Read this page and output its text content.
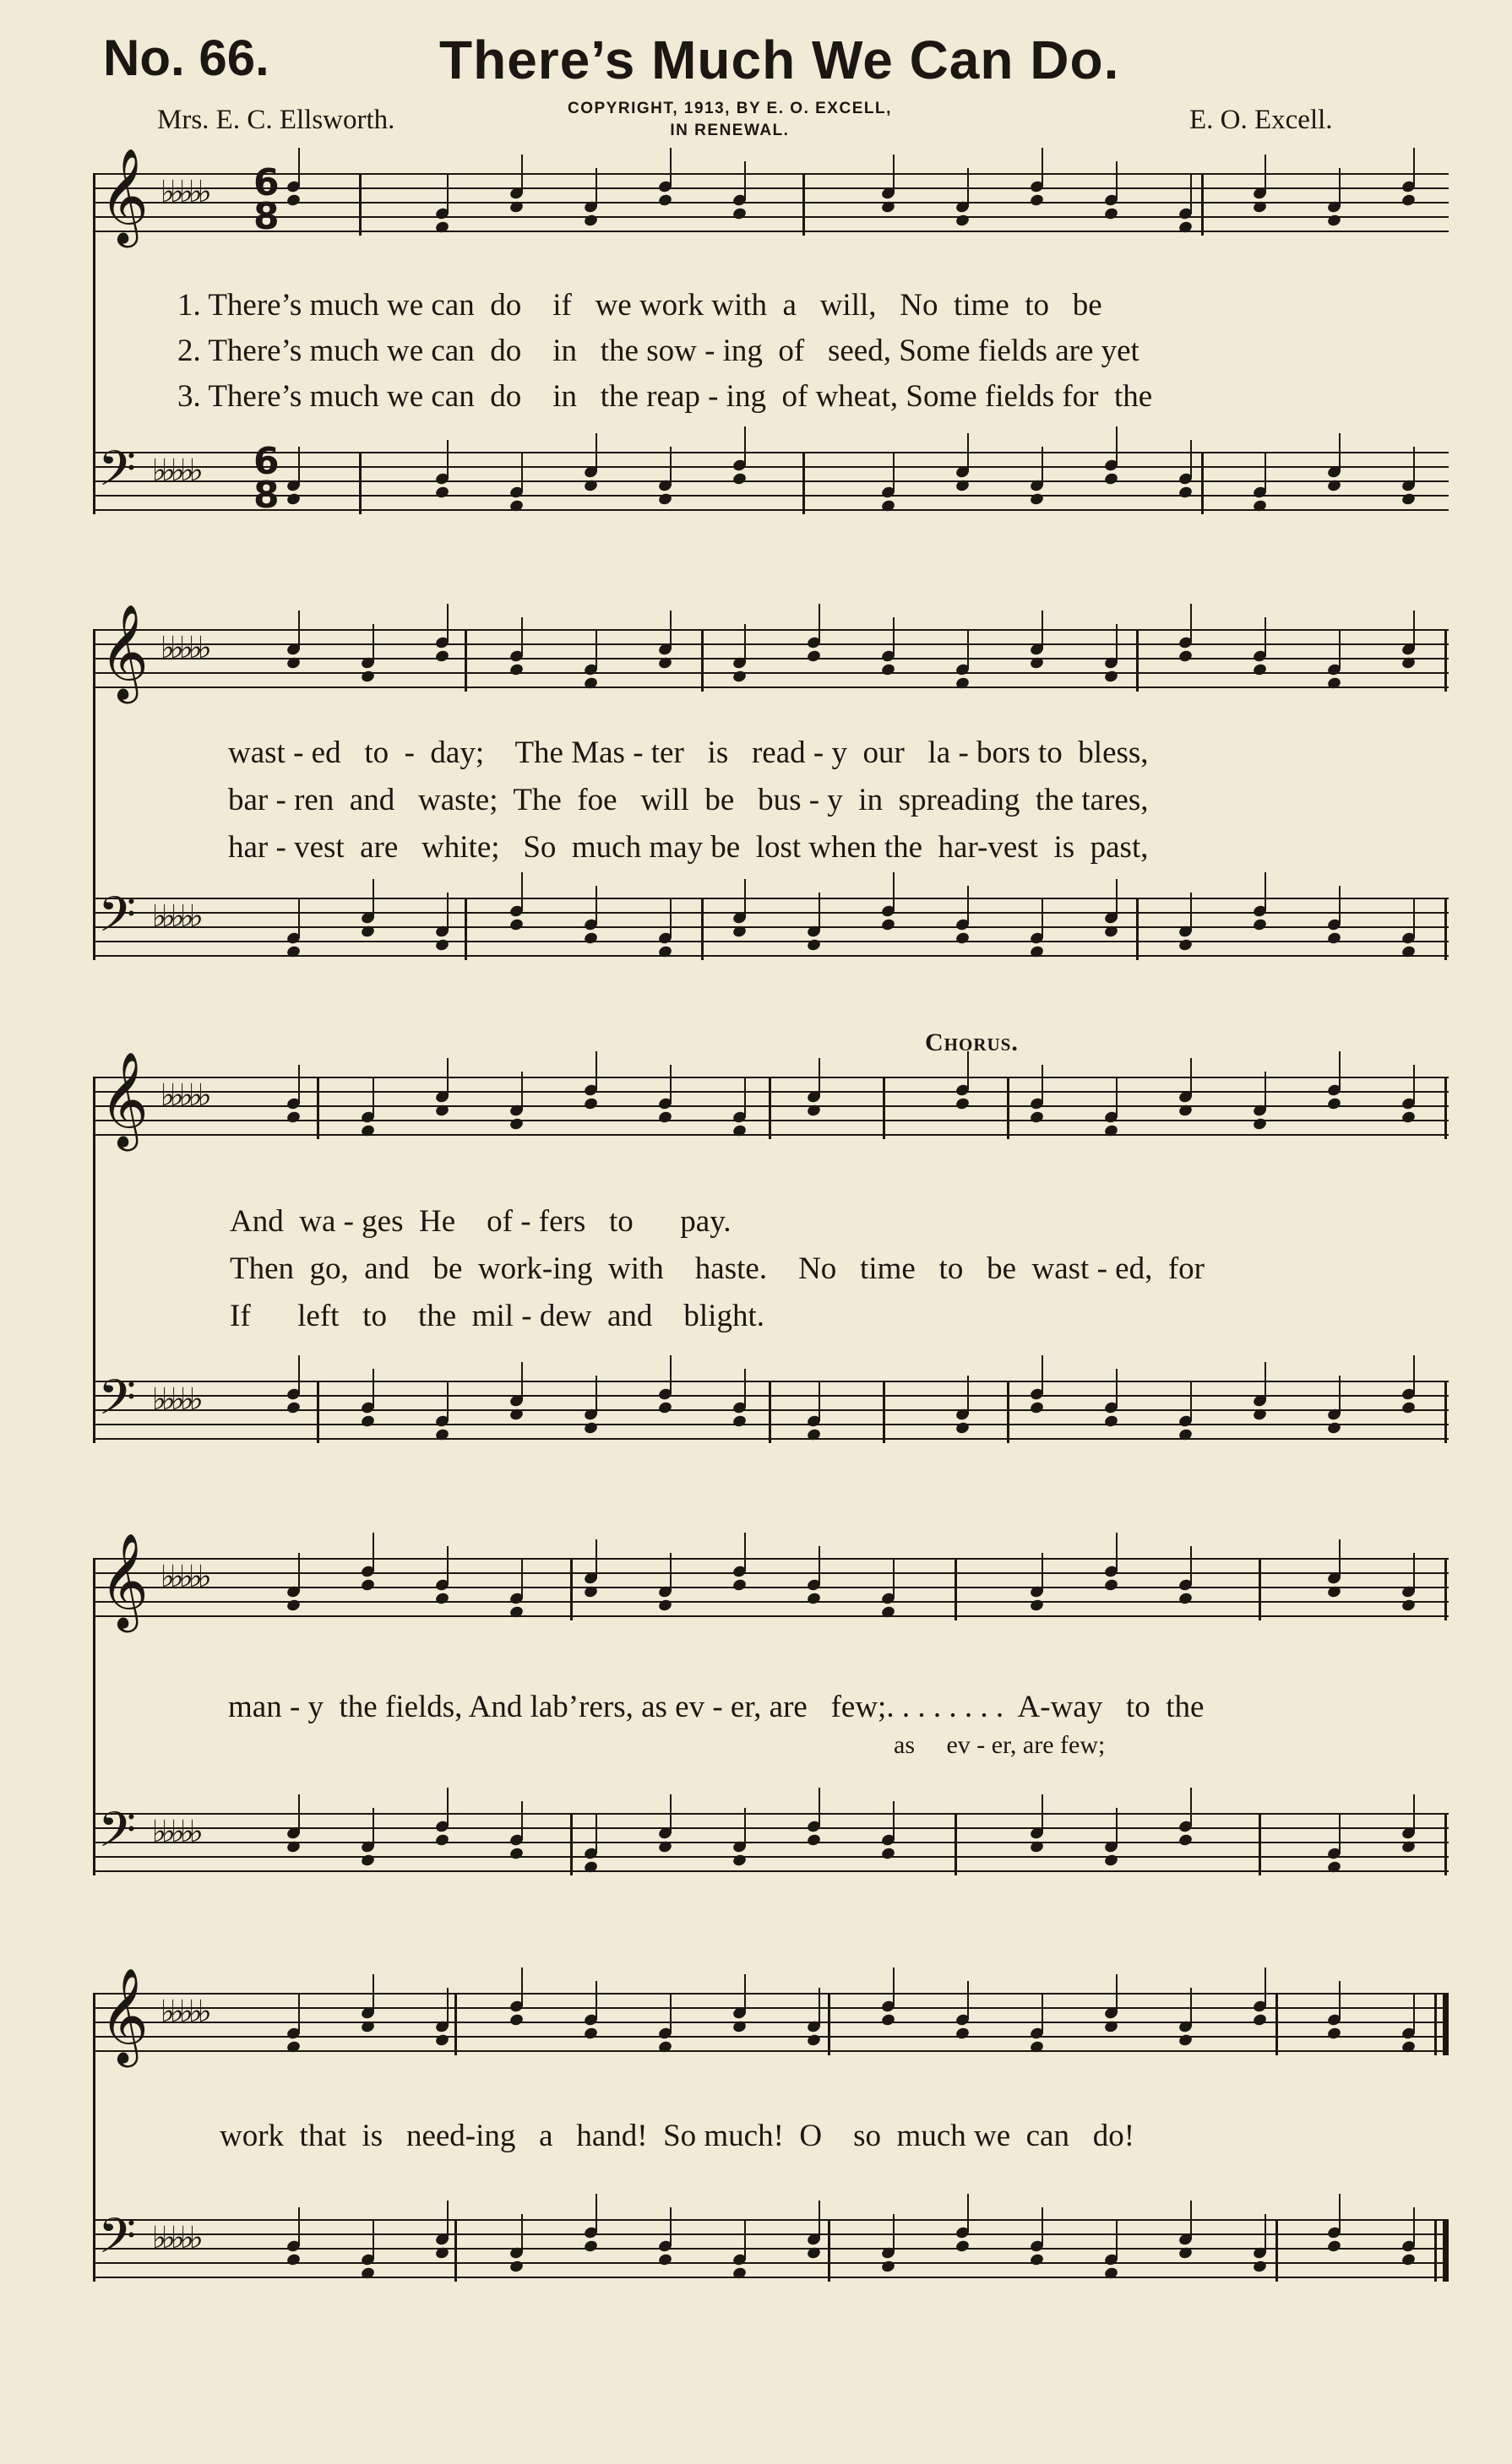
No. 66.	There’s Much We Can Do.
Mrs. E. C. Ellsworth.	COPYRIGHT, 1913, BY E. O. EXCELL,
IN RENEWAL.	E. O. Excell.
𝄞 ♭♭♭♭♭ 6
8
𝄢 ♭♭♭♭♭ 6
8
1. There’s much we can  do    if   we work with  a   will,   No  time  to   be
2. There’s much we can  do    in   the sow - ing  of   seed, Some fields are yet
3. There’s much we can  do    in   the reap - ing  of wheat, Some fields for  the
𝄞 ♭♭♭♭♭
𝄢 ♭♭♭♭♭
wast - ed   to  -  day;    The Mas - ter   is   read - y  our   la - bors to  bless,
bar - ren  and   waste;  The  foe   will  be   bus - y  in  spreading  the tares,
har - vest  are   white;   So  much may be  lost when the  har-vest  is  past,
𝄞 ♭♭♭♭♭
Chorus.
𝄢 ♭♭♭♭♭
And  wa - ges  He    of - fers   to      pay.
Then  go,  and   be  work-ing  with    haste.    No   time   to   be  wast - ed,  for
If      left   to    the  mil - dew  and    blight.
𝄞 ♭♭♭♭♭
𝄢 ♭♭♭♭♭
man - y  the fields, And lab’rers, as ev - er, are   few;. . . . . . . .  A-way   to  the
as     ev - er, are few;
𝄞 ♭♭♭♭♭
𝄢 ♭♭♭♭♭
work  that  is   need-ing   a   hand!  So much!  O    so  much we  can   do!
